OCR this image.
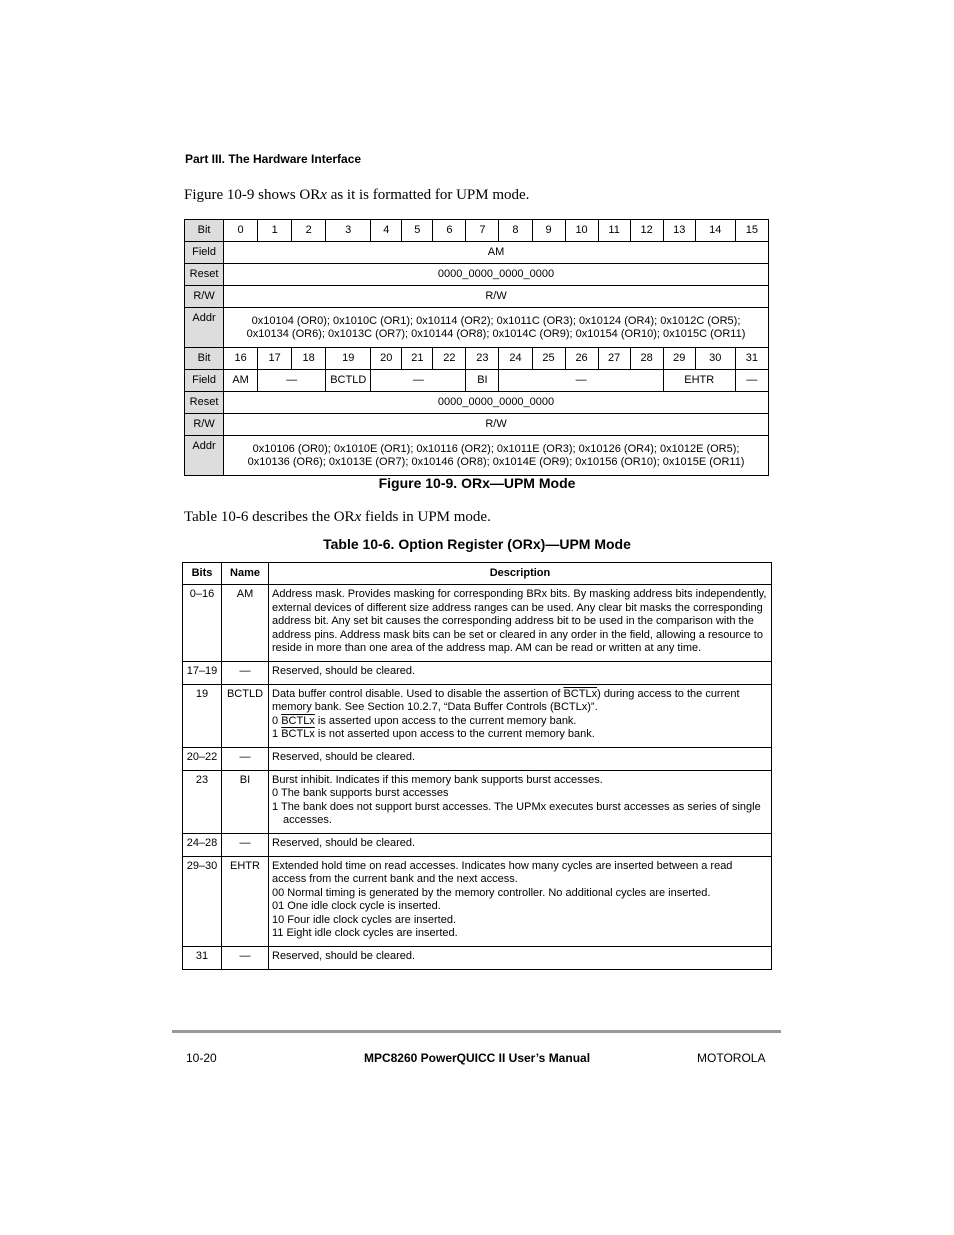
Part III. The Hardware Interface
Figure 10-9 shows ORx as it is formatted for UPM mode.
Bit	0	1	2	3	4	5	6	7	8	9	10	11	12	13	14	15
Field	AM															
Reset	0000_0000_0000_0000															
R/W	R/W															
Addr	0x10104 (OR0); 0x1010C (OR1); 0x10114 (OR2); 0x1011C (OR3); 0x10124 (OR4); 0x1012C (OR5);
0x10134 (OR6); 0x1013C (OR7); 0x10144 (OR8); 0x1014C (OR9); 0x10154 (OR10); 0x1015C (OR11)															

Bit	16	17	18	19	20	21	22	23	24	25	26	27	28	29	30	31
Field	AM	—		BCTLD	—			BI	—					EHTR		—
Reset	0000_0000_0000_0000															
R/W	R/W															
Addr	0x10106 (OR0); 0x1010E (OR1); 0x10116 (OR2); 0x1011E (OR3); 0x10126 (OR4); 0x1012E (OR5);
0x10136 (OR6); 0x1013E (OR7); 0x10146 (OR8); 0x1014E (OR9); 0x10156 (OR10); 0x1015E (OR11)															
Figure 10-9. ORx—UPM Mode
Table 10-6 describes the ORx fields in UPM mode.
Table 10-6. Option Register (ORx)—UPM Mode
Bits	Name	Description
0–16	AM	Address mask. Provides masking for corresponding BRx bits. By masking address bits independently, external devices of different size address ranges can be used. Any clear bit masks the corresponding address bit. Any set bit causes the corresponding address bit to be used in the comparison with the address pins. Address mask bits can be set or cleared in any order in the field, allowing a resource to reside in more than one area of the address map. AM can be read or written at any time.
17–19	—	Reserved, should be cleared.
19	BCTLD	Data buffer control disable. Used to disable the assertion of BCTLx) during access to the current memory bank. See Section 10.2.7, “Data Buffer Controls (BCTLx)”.
0 BCTLx is asserted upon access to the current memory bank.
1 BCTLx is not asserted upon access to the current memory bank.

20–22	—	Reserved, should be cleared.
23	BI	Burst inhibit. Indicates if this memory bank supports burst accesses.
0 The bank supports burst accesses
1 The bank does not support burst accesses. The UPMx executes burst accesses as series of single
accesses.

24–28	—	Reserved, should be cleared.
29–30	EHTR	Extended hold time on read accesses. Indicates how many cycles are inserted between a read access from the current bank and the next access.
00 Normal timing is generated by the memory controller. No additional cycles are inserted.
01 One idle clock cycle is inserted.
10 Four idle clock cycles are inserted.
11 Eight idle clock cycles are inserted.

31	—	Reserved, should be cleared.
10-20	MPC8260 PowerQUICC II User’s Manual	MOTOROLA
